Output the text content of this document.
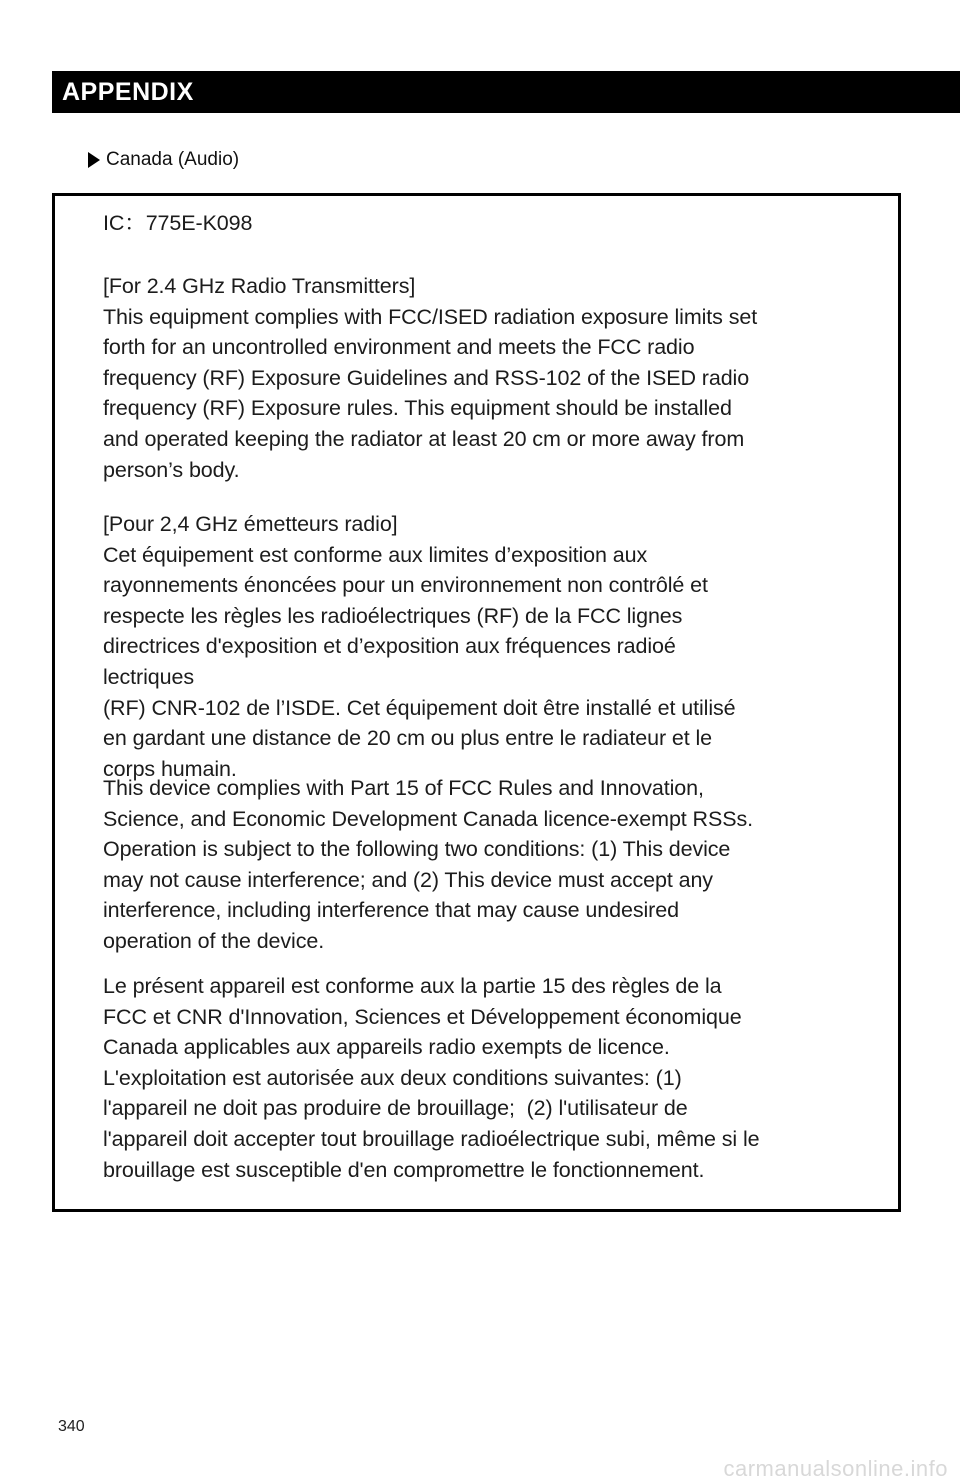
APPENDIX
Canada (Audio)

IC：775E-K098

[For 2.4 GHz Radio Transmitters]
This equipment complies with FCC/ISED radiation exposure limits set
forth for an uncontrolled environment and meets the FCC radio
frequency (RF) Exposure Guidelines and RSS-102 of the ISED radio
frequency (RF) Exposure rules. This equipment should be installed
and operated keeping the radiator at least 20 cm or more away from
person’s body.

[Pour 2,4 GHz émetteurs radio]
Cet équipement est conforme aux limites d’exposition aux
rayonnements énoncées pour un environnement non contrôlé et
respecte les règles les radioélectriques (RF) de la FCC lignes
directrices d'exposition et d’exposition aux fréquences radioé
lectriques
(RF) CNR-102 de l’ISDE. Cet équipement doit être installé et utilisé
en gardant une distance de 20 cm ou plus entre le radiateur et le
corps humain.

This device complies with Part 15 of FCC Rules and Innovation,
Science, and Economic Development Canada licence-exempt RSSs.
Operation is subject to the following two conditions: (1) This device
may not cause interference; and (2) This device must accept any
interference, including interference that may cause undesired
operation of the device.

Le présent appareil est conforme aux la partie 15 des règles de la
FCC et CNR d'Innovation, Sciences et Développement économique
Canada applicables aux appareils radio exempts de licence.
L'exploitation est autorisée aux deux conditions suivantes: (1)
l'appareil ne doit pas produire de brouillage;  (2) l'utilisateur de
l'appareil doit accepter tout brouillage radioélectrique subi, même si le
brouillage est susceptible d'en compromettre le fonctionnement.

340
carmanualsonline.info
